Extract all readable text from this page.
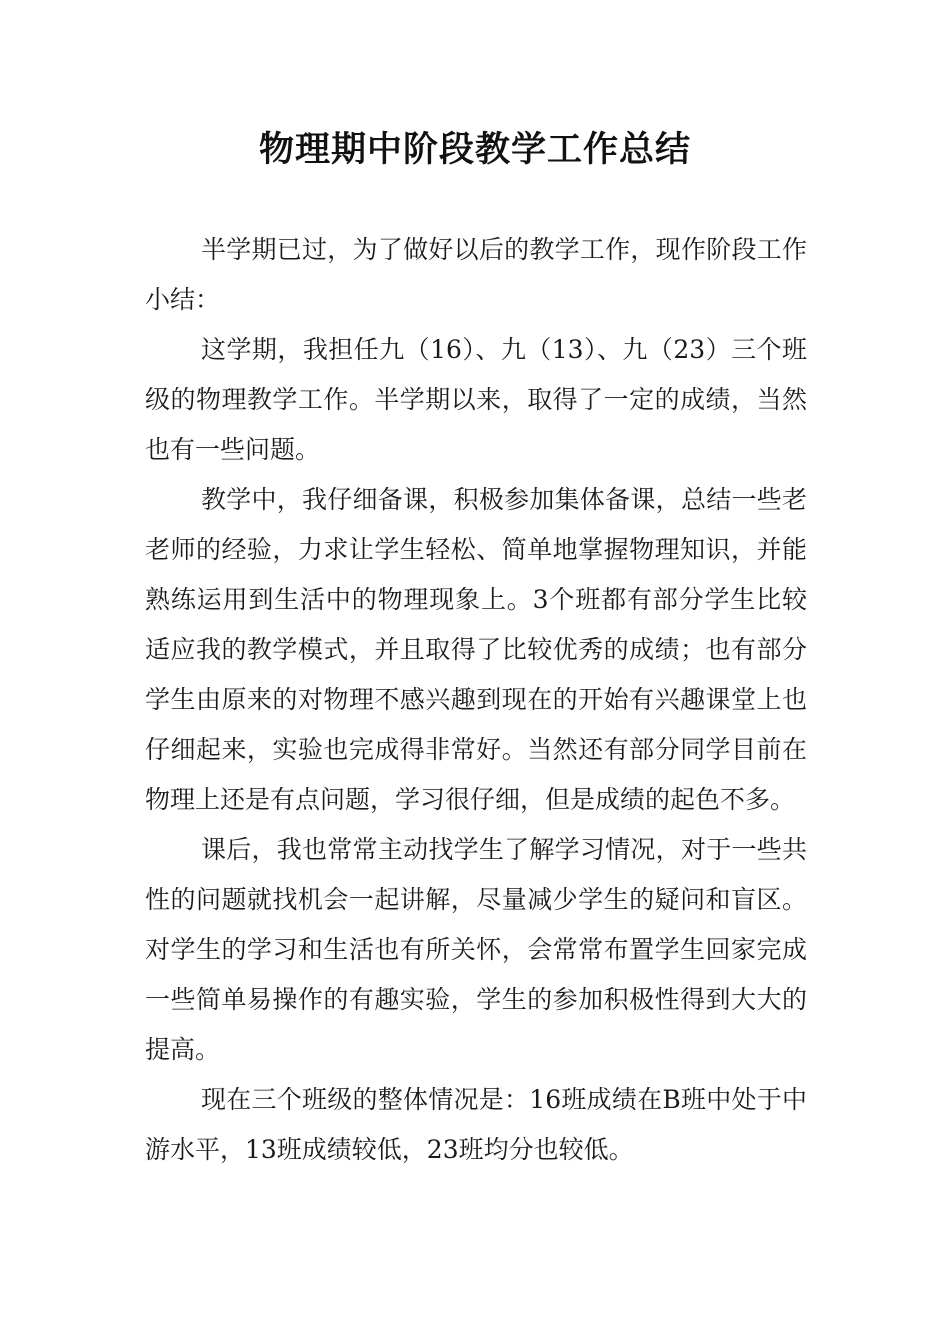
物理期中阶段教学工作总结

半学期已过，为了做好以后的教学工作，现作阶段工作小结：

这学期，我担任九（16）、九（13）、九（23）三个班级的物理教学工作。半学期以来，取得了一定的成绩，当然也有一些问题。

教学中，我仔细备课，积极参加集体备课，总结一些老老师的经验，力求让学生轻松、简单地掌握物理知识，并能熟练运用到生活中的物理现象上。3个班都有部分学生比较适应我的教学模式，并且取得了比较优秀的成绩；也有部分学生由原来的对物理不感兴趣到现在的开始有兴趣课堂上也仔细起来，实验也完成得非常好。当然还有部分同学目前在物理上还是有点问题，学习很仔细，但是成绩的起色不多。

课后，我也常常主动找学生了解学习情况，对于一些共性的问题就找机会一起讲解，尽量减少学生的疑问和盲区。对学生的学习和生活也有所关怀，会常常布置学生回家完成一些简单易操作的有趣实验，学生的参加积极性得到大大的提高。

现在三个班级的整体情况是：16班成绩在B班中处于中游水平，13班成绩较低，23班均分也较低。
